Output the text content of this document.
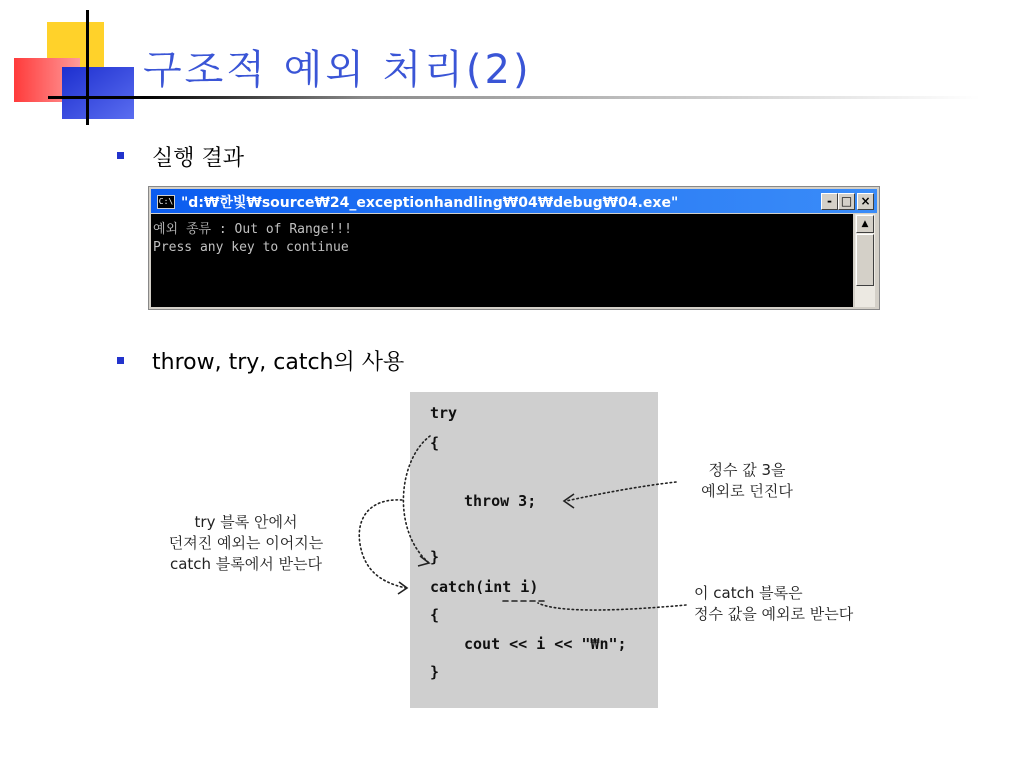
구조적 예외 처리(2)
실행 결과
C:\ "d:₩한빛₩source₩24_exceptionhandling₩04₩debug₩04.exe"	- □ ×
예외 종류 : Out of Range!!!
Press any key to continue
▲
throw, try, catch의 사용
try
{
throw 3;
}
catch(int i)
{
cout << i << "₩n";
}
try 블록 안에서
던져진 예외는 이어지는
catch 블록에서 받는다
정수 값 3을
예외로 던진다
이 catch 블록은
정수 값을 예외로 받는다
